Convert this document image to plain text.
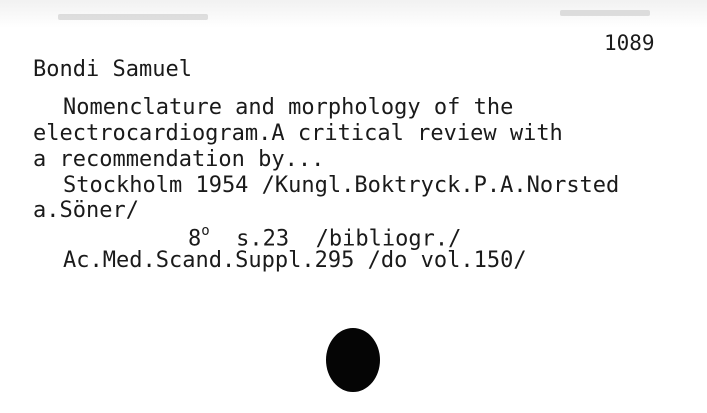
1089
Bondi Samuel
Nomenclature and morphology of the
electrocardiogram.A critical review with
a recommendation by...
Stockholm 1954 /Kungl.Boktryck.P.A.Norsted
a.Söner/
8$^o$  s.23  /bibliogr./
Ac.Med.Scand.Suppl.295 /do vol.150/
